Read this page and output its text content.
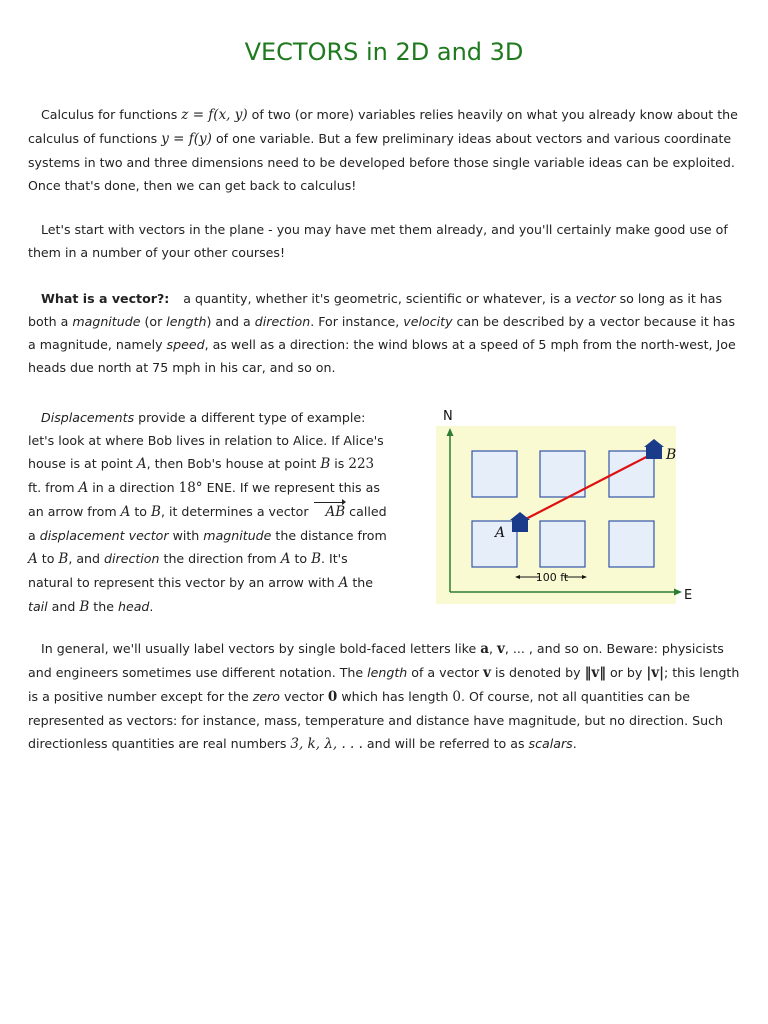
VECTORS in 2D and 3D

Calculus for functions z = f(x, y) of two (or more) variables relies heavily on what you already know about the calculus of functions y = f(y) of one variable. But a few preliminary ideas about vectors and various coordinate systems in two and three dimensions need to be developed before those single variable ideas can be exploited. Once that's done, then we can get back to calculus!

Let's start with vectors in the plane - you may have met them already, and you'll certainly make good use of them in a number of your other courses!

What is a vector?: a quantity, whether it's geometric, scientific or whatever, is a vector so long as it has both a magnitude (or length) and a direction. For instance, velocity can be described by a vector because it has a magnitude, namely speed, as well as a direction: the wind blows at a speed of 5 mph from the north-west, Joe heads due north at 75 mph in his car, and so on.

Displacements provide a different type of example: let's look at where Bob lives in relation to Alice. If Alice's house is at point A, then Bob's house at point B is 223 ft. from A in a direction 18° ENE. If we represent this as an arrow from A to B, it determines a vector AB called a displacement vector with magnitude the distance from A to B, and direction the direction from A to B. It's natural to represent this vector by an arrow with A the tail and B the head.

N
E
A
B
100 ft

In general, we'll usually label vectors by single bold-faced letters like a, v, ... , and so on. Beware: physicists and engineers sometimes use different notation. The length of a vector v is denoted by ‖v‖ or by |v|; this length is a positive number except for the zero vector 0 which has length 0. Of course, not all quantities can be represented as vectors: for instance, mass, temperature and distance have magnitude, but no direction. Such directionless quantities are real numbers 3, k, λ, . . . and will be referred to as scalars.
